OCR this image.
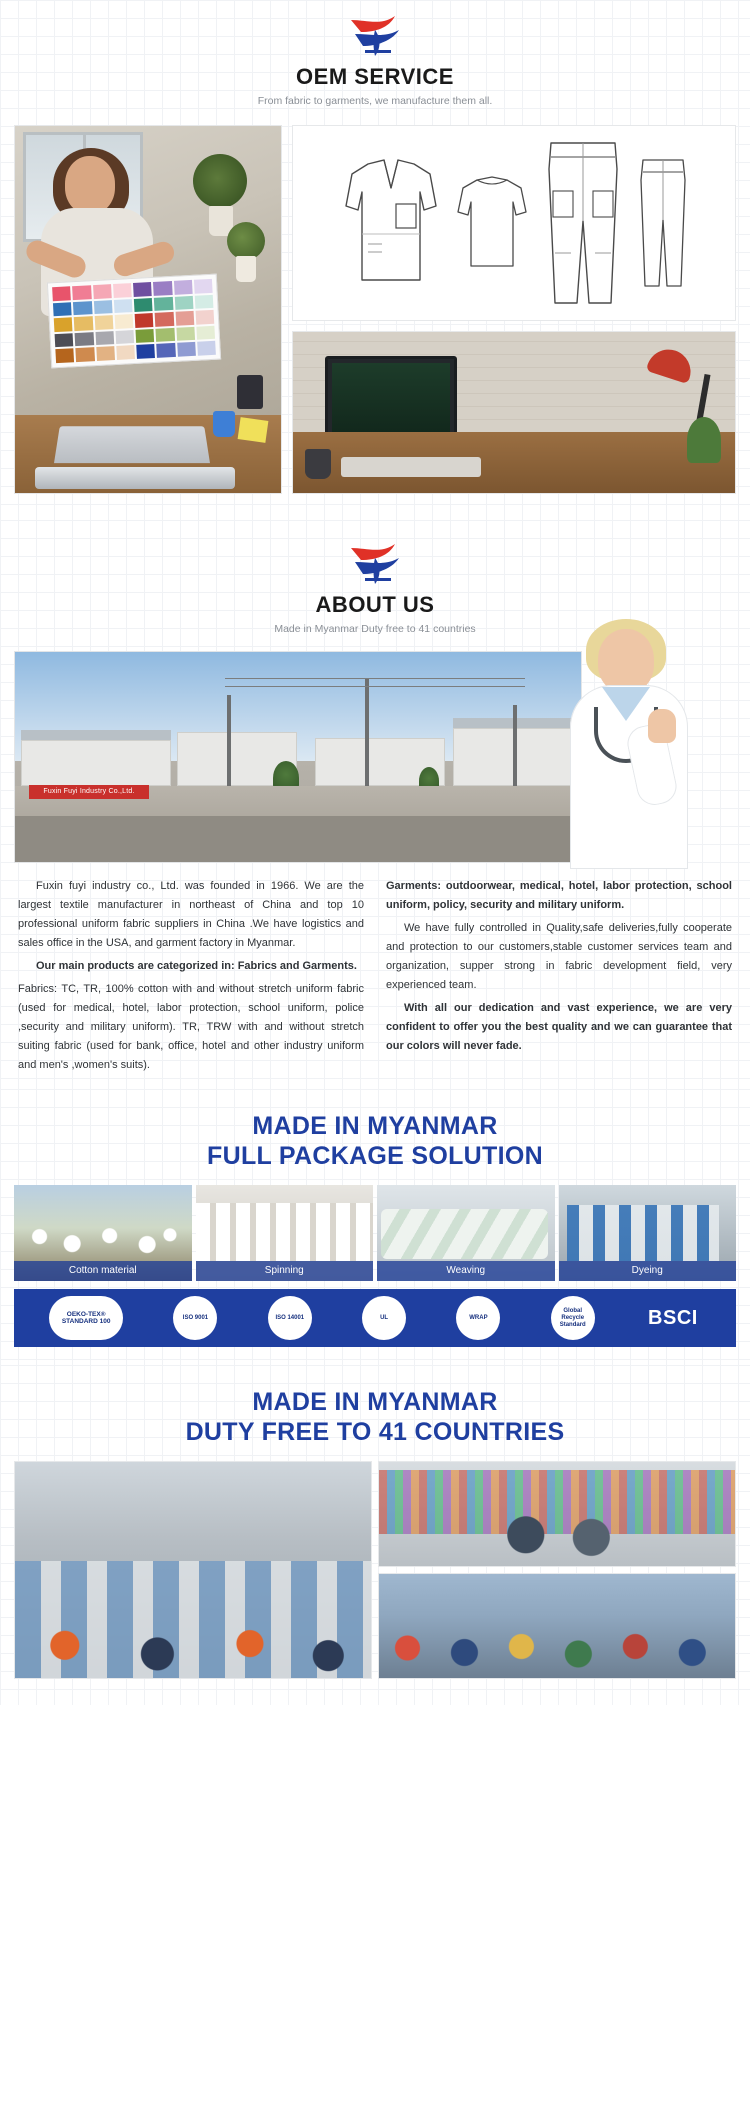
OEM SERVICE
From fabric to garments, we manufacture them all.
ABOUT US
Made in Myanmar Duty free to 41 countries
Fuxin Fuyi Industry Co.,Ltd.

Fuxin fuyi industry co., Ltd. was founded in 1966. We are the largest textile manufacturer in northeast of China and top 10 professional uniform fabric suppliers in China .We have logistics and sales office in the USA, and garment factory in Myanmar.

Our main products are categorized in: Fabrics and Garments.

Fabrics: TC, TR, 100% cotton with and without stretch uniform fabric (used for medical, hotel, labor protection, school uniform, police ,security and military uniform). TR, TRW with and without stretch suiting fabric (used for bank, office, hotel and other industry uniform and men's ,women's suits).

Garments: outdoorwear, medical, hotel, labor protection, school uniform, policy, security and military uniform.

We have fully controlled in Quality,safe deliveries,fully cooperate and protection to our customers,stable customer services team and organization, supper strong in fabric development field, very experienced team.

With all our dedication and vast experience, we are very confident to offer you the best quality and we can guarantee that our colors will never fade.

MADE IN MYANMAR
FULL PACKAGE SOLUTION
Cotton material	Spinning	Weaving	Dyeing
OEKO-TEX® STANDARD 100
ISO 9001	ISO 14001	UL	WRAP
Global Recycle Standard	BSCI
MADE IN MYANMAR
DUTY FREE TO 41 COUNTRIES
